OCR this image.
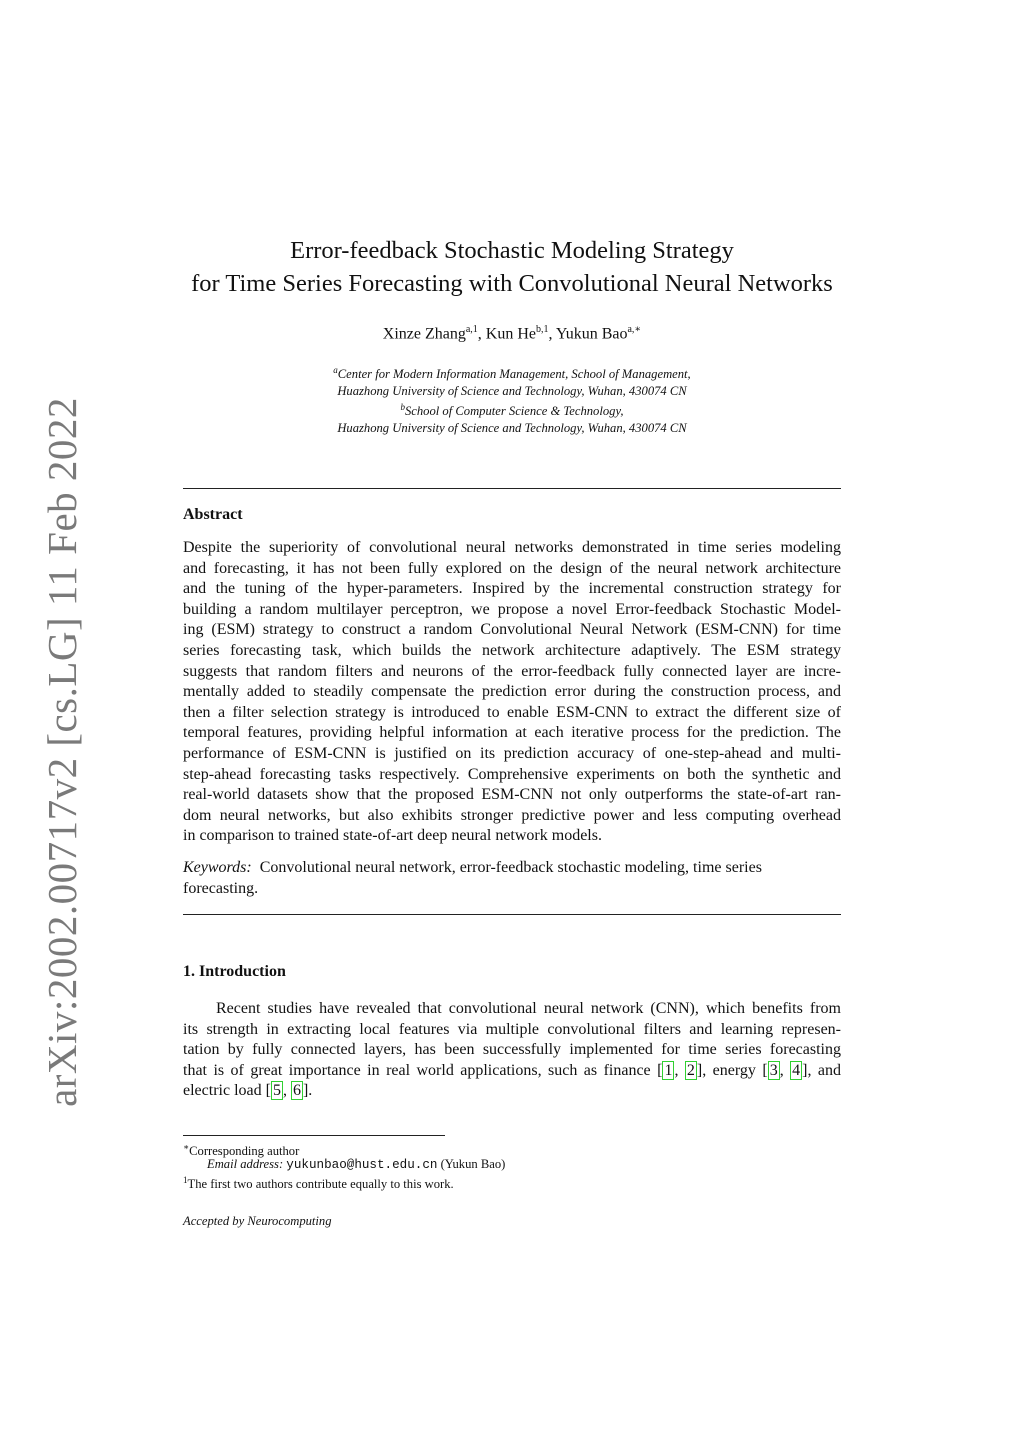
arXiv:2002.00717v2 [cs.LG] 11 Feb 2022
Error-feedback Stochastic Modeling Strategy
for Time Series Forecasting with Convolutional Neural Networks
Xinze Zhang$^{a,1}$, Kun He$^{b,1}$, Yukun Bao$^{a,∗}$
$^a$Center for Modern Information Management, School of Management,
Huazhong University of Science and Technology, Wuhan, 430074 CN
$^b$School of Computer Science & Technology,
Huazhong University of Science and Technology, Wuhan, 430074 CN
Abstract
Despite the superiority of convolutional neural networks demonstrated in time series modeling
and forecasting, it has not been fully explored on the design of the neural network architecture
and the tuning of the hyper-parameters. Inspired by the incremental construction strategy for
building a random multilayer perceptron, we propose a novel Error-feedback Stochastic Model-
ing (ESM) strategy to construct a random Convolutional Neural Network (ESM-CNN) for time
series forecasting task, which builds the network architecture adaptively. The ESM strategy
suggests that random filters and neurons of the error-feedback fully connected layer are incre-
mentally added to steadily compensate the prediction error during the construction process, and
then a filter selection strategy is introduced to enable ESM-CNN to extract the different size of
temporal features, providing helpful information at each iterative process for the prediction. The
performance of ESM-CNN is justified on its prediction accuracy of one-step-ahead and multi-
step-ahead forecasting tasks respectively. Comprehensive experiments on both the synthetic and
real-world datasets show that the proposed ESM-CNN not only outperforms the state-of-art ran-
dom neural networks, but also exhibits stronger predictive power and less computing overhead
in comparison to trained state-of-art deep neural network models.
Keywords: Convolutional neural network, error-feedback stochastic modeling, time series
forecasting.
1. Introduction
Recent studies have revealed that convolutional neural network (CNN), which benefits from
its strength in extracting local features via multiple convolutional filters and learning represen-
tation by fully connected layers, has been successfully implemented for time series forecasting
that is of great importance in real world applications, such as finance [ 1 , 2 ], energy [ 3 , 4 ], and
electric load [ 5 , 6 ].
∗Corresponding author
Email address: yukunbao@hust.edu.cn (Yukun Bao)
$^1$The first two authors contribute equally to this work.
Accepted by Neurocomputing
